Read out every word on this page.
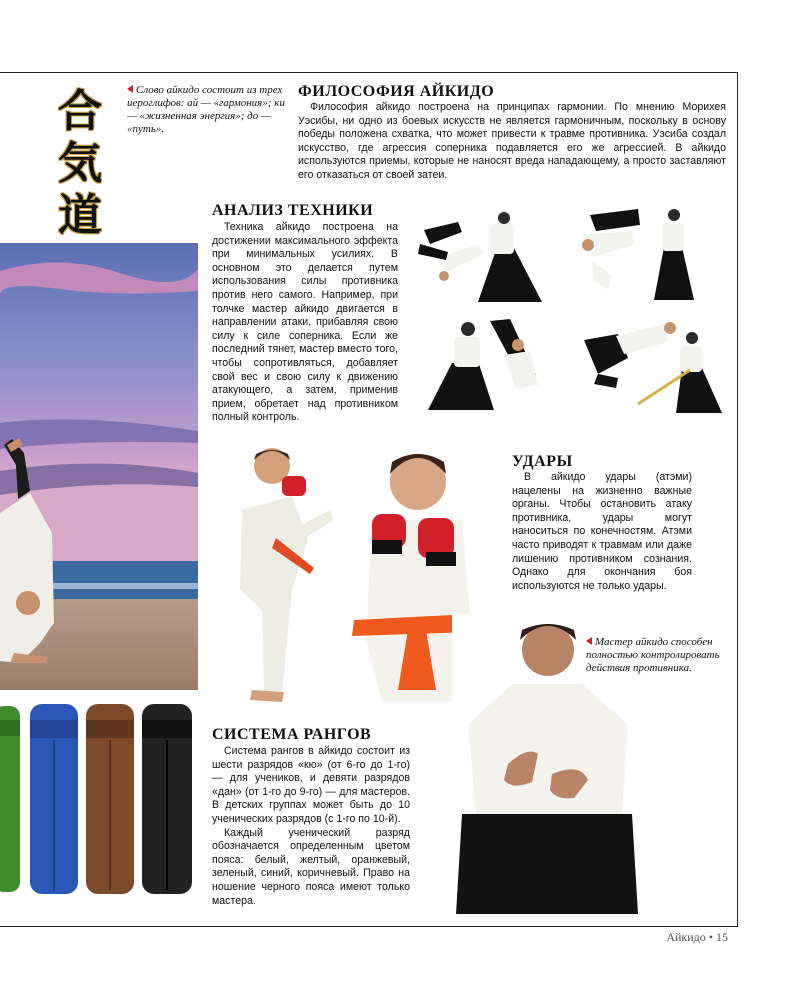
合
気
道
Слово айкидо состоит из трех иероглифов: ай — «гармония»; ки — «жизненная энергия»; до — «путь».
ФИЛОСОФИЯ АЙКИДО

Философия айкидо построена на принципах гармонии. По мнению Морихея Уэсибы, ни одно из боевых искусств не является гармоничным, поскольку в основу победы положена схватка, что может привести к травме противника. Уэсиба создал искусство, где агрессия соперника подавляется его же агрессией. В айкидо используются приемы, которые не наносят вреда нападающему, а просто заставляют его отказаться от своей затеи.

АНАЛИЗ ТЕХНИКИ

Техника айкидо построена на достижении максимального эффекта при минимальных усилиях. В основном это делается путем использования силы противника против него самого. Например, при толчке мастер айкидо двигается в направлении атаки, прибавляя свою силу к силе соперника. Если же последний тянет, мастер вместо того, чтобы сопротивляться, добавляет свой вес и свою силу к движению атакующего, а затем, применив прием, обретает над противником полный контроль.

УДАРЫ

В айкидо удары (атэми) нацелены на жизненно важные органы. Чтобы остановить атаку противника, удары могут наноситься по конечностям. Атэми часто приводят к травмам или даже лишению противником сознания. Однако для окончания боя используются не только удары.

Мастер айкидо способен полностью контролировать действия противника.
СИСТЕМА РАНГОВ

Система рангов в айкидо состоит из шести разрядов «кю» (от 6-го до 1-го) — для учеников, и девяти разрядов «дан» (от 1-го до 9-го) — для мастеров. В детских группах может быть до 10 ученических разрядов (с 1-го по 10-й).

Каждый ученический разряд обозначается определенным цветом пояса: белый, желтый, оранжевый, зеленый, синий, коричневый. Право на ношение черного пояса имеют только мастера.

Айкидо • 15
